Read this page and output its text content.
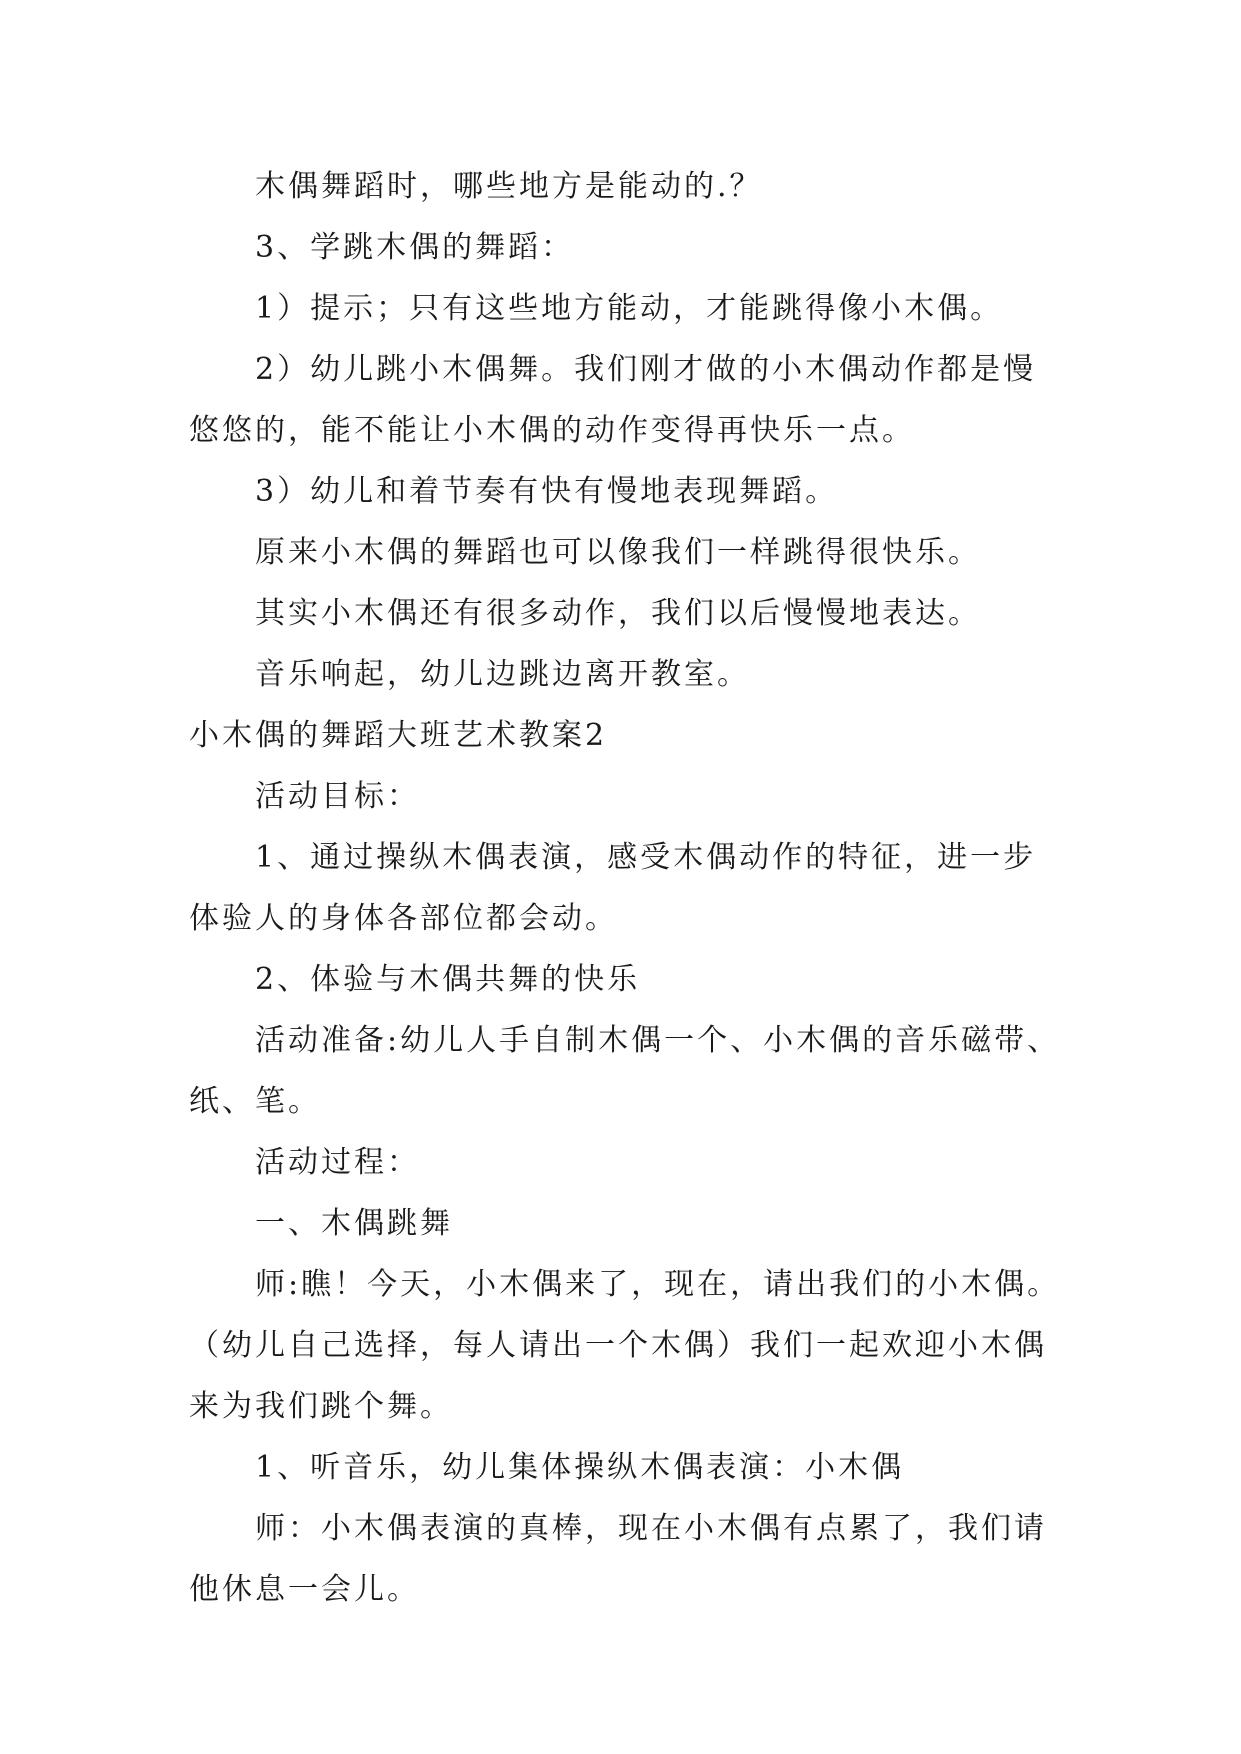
木偶舞蹈时，哪些地方是能动的.？

3、学跳木偶的舞蹈：

1）提示；只有这些地方能动，才能跳得像小木偶。

2）幼儿跳小木偶舞。我们刚才做的小木偶动作都是慢

悠悠的，能不能让小木偶的动作变得再快乐一点。

3）幼儿和着节奏有快有慢地表现舞蹈。

原来小木偶的舞蹈也可以像我们一样跳得很快乐。

其实小木偶还有很多动作，我们以后慢慢地表达。

音乐响起，幼儿边跳边离开教室。

小木偶的舞蹈大班艺术教案2

活动目标：

1、通过操纵木偶表演，感受木偶动作的特征，进一步

体验人的身体各部位都会动。

2、体验与木偶共舞的快乐

活动准备:幼儿人手自制木偶一个、小木偶的音乐磁带、

纸、笔。

活动过程：

一、木偶跳舞

师:瞧！今天，小木偶来了，现在，请出我们的小木偶。

（幼儿自己选择，每人请出一个木偶）我们一起欢迎小木偶

来为我们跳个舞。

1、听音乐，幼儿集体操纵木偶表演：小木偶

师：小木偶表演的真棒，现在小木偶有点累了，我们请

他休息一会儿。
